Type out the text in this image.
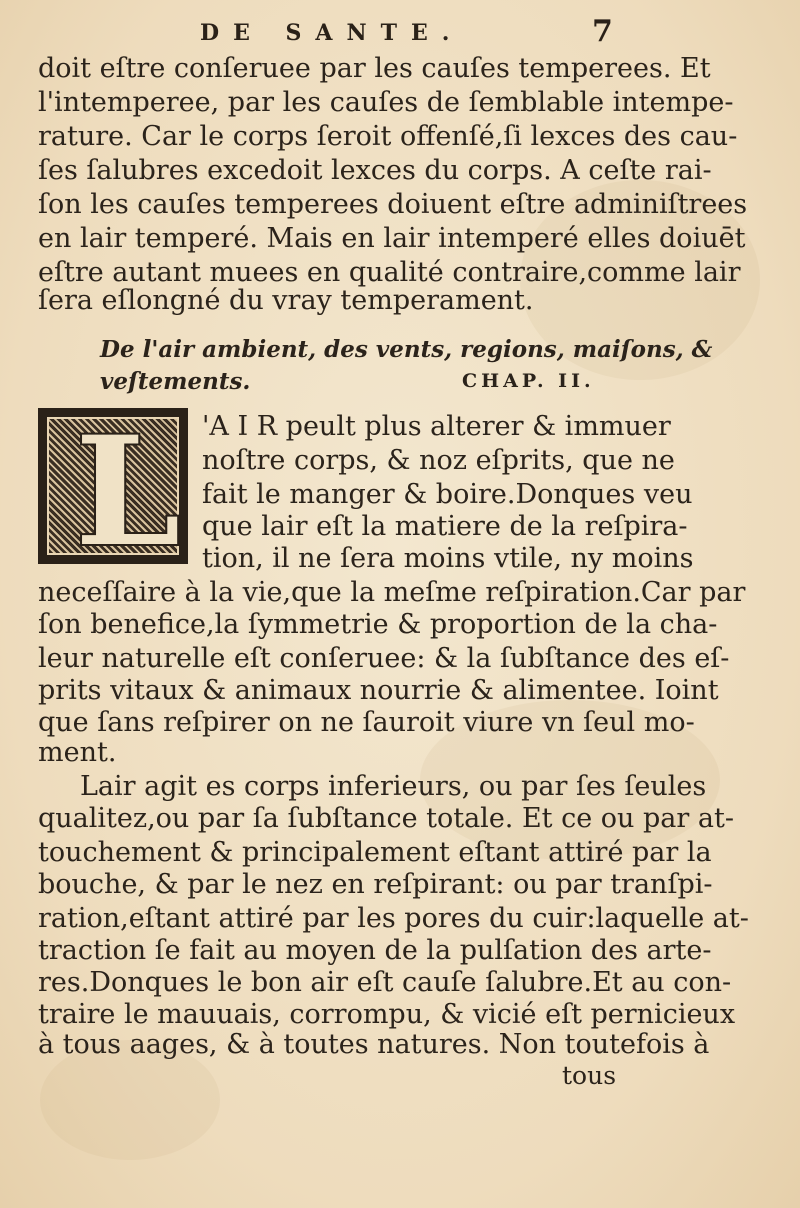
DE SANTE.	7
doit eſtre conſeruee par les cauſes temperees. Et
l'intemperee, par les cauſes de ſemblable intempe-
rature. Car le corps ſeroit offenſé,ſi lexces des cau-
ſes ſalubres excedoit lexces du corps. A ceſte rai-
ſon les cauſes temperees doiuent eſtre adminiſtrees
en lair temperé. Mais en lair intemperé elles doiuēt
eſtre autant muees en qualité contraire,comme lair
ſera eſlongné du vray temperament.
De l'air ambient, des vents, regions, maiſons, &
veſtements.	CHAP. II.
L 'A I R peult plus alterer & immuer
noſtre corps, & noz eſprits, que ne
fait le manger & boire.Donques veu
que lair eſt la matiere de la reſpira-
tion, il ne ſera moins vtile, ny moins
neceſſaire à la vie,que la meſme reſpiration.Car par
ſon benefice,la ſymmetrie & proportion de la cha-
leur naturelle eſt conſeruee: & la ſubſtance des eſ-
prits vitaux & animaux nourrie & alimentee. Ioint
que ſans reſpirer on ne ſauroit viure vn ſeul mo-
ment.
Lair agit es corps inferieurs, ou par ſes ſeules
qualitez,ou par ſa ſubſtance totale. Et ce ou par at-
touchement & principalement eſtant attiré par la
bouche, & par le nez en reſpirant: ou par tranſpi-
ration,eſtant attiré par les pores du cuir:laquelle at-
traction ſe fait au moyen de la pulſation des arte-
res.Donques le bon air eſt cauſe ſalubre.Et au con-
traire le mauuais, corrompu, & vicié eſt pernicieux
à tous aages, & à toutes natures. Non toutefois à
tous
